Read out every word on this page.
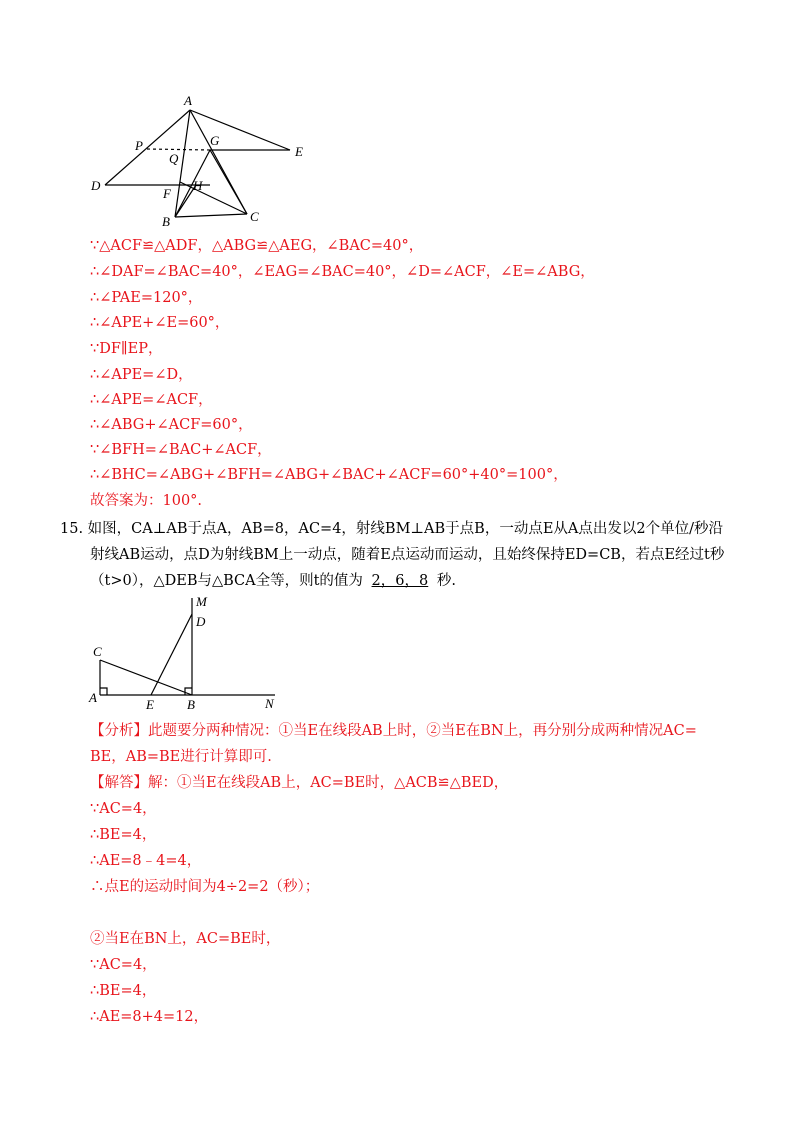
A
P
Q
G
E
D
F
H
B	C
∵△ACF≌△ADF，△ABG≌△AEG，∠BAC=40°，
∴∠DAF=∠BAC=40°，∠EAG=∠BAC=40°，∠D=∠ACF，∠E=∠ABG，
∴∠PAE=120°，
∴∠APE+∠E=60°，
∵DF∥EP，
∴∠APE=∠D，
∴∠APE=∠ACF，
∴∠ABG+∠ACF=60°，
∵∠BFH=∠BAC+∠ACF，
∴∠BHC=∠ABG+∠BFH=∠ABG+∠BAC+∠ACF=60°+40°=100°，
故答案为：100°.
15. 如图，CA⊥AB于点A，AB=8，AC=4，射线BM⊥AB于点B，一动点E从A点出发以2个单位/秒沿
射线AB运动，点D为射线BM上一动点，随着E点运动而运动，且始终保持ED=CB，若点E经过t秒
（t>0），△DEB与△BCA全等，则t的值为 2，6，8 秒.
M
D
C
A	E	B	N
【分析】此题要分两种情况：①当E在线段AB上时，②当E在BN上，再分别分成两种情况AC=
BE，AB=BE进行计算即可.
【解答】解：①当E在线段AB上，AC=BE时，△ACB≌△BED，
∵AC=4，
∴BE=4，
∴AE=8﹣4=4，
∴点E的运动时间为4÷2=2（秒）；
②当E在BN上，AC=BE时，
∵AC=4，
∴BE=4，
∴AE=8+4=12，
